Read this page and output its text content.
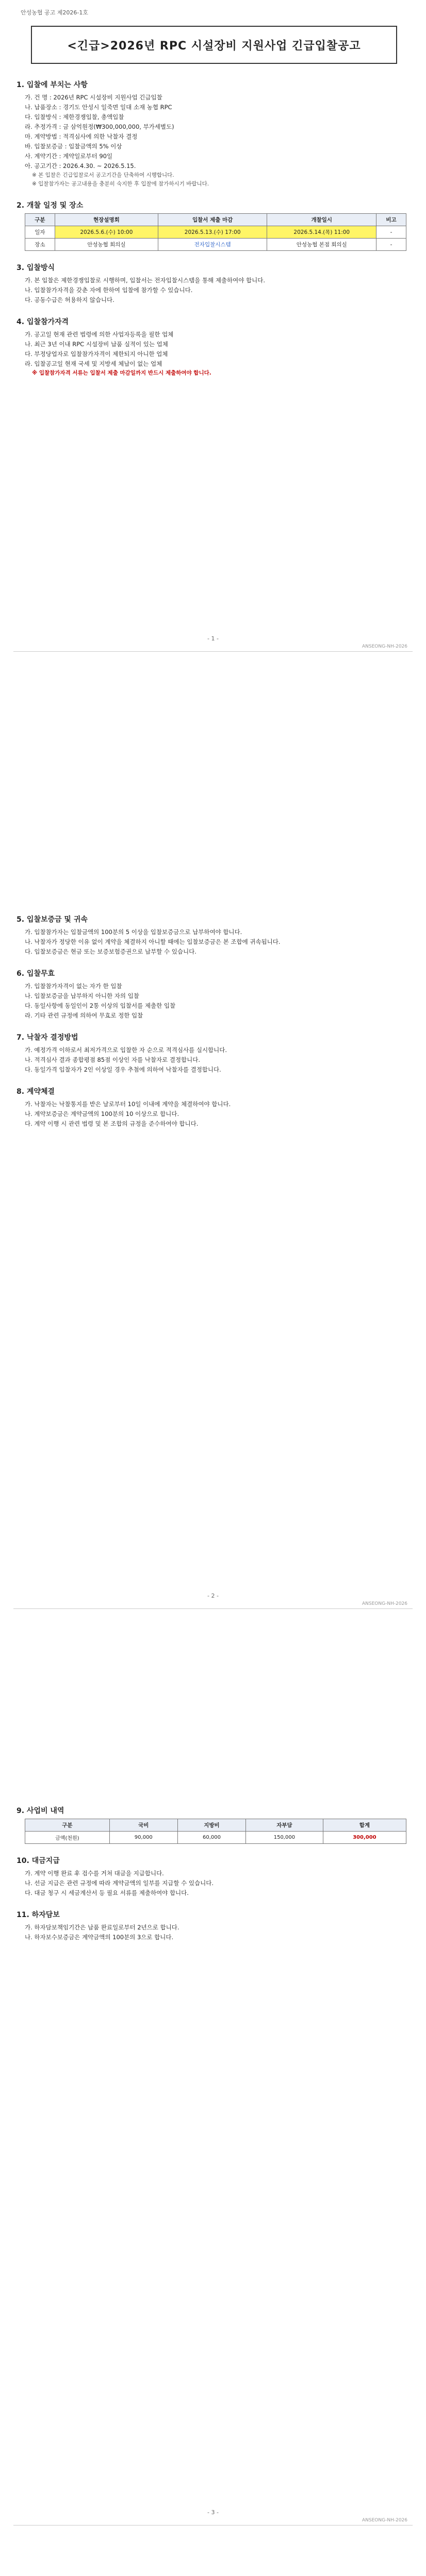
안성농협 공고 제2026-1호
<긴급>2026년 RPC 시설장비 지원사업 긴급입찰공고
1. 입찰에 부치는 사항
가. 건 명 : 2026년 RPC 시설장비 지원사업 긴급입찰
나. 납품장소 : 경기도 안성시 일죽면 일대 소재 농협 RPC
다. 입찰방식 : 제한경쟁입찰, 총액입찰
라. 추정가격 : 금 삼억원정(₩300,000,000, 부가세별도)
마. 계약방법 : 적격심사에 의한 낙찰자 결정
바. 입찰보증금 : 입찰금액의 5% 이상
사. 계약기간 : 계약일로부터 90일
아. 공고기간 : 2026.4.30. ~ 2026.5.15.
※ 본 입찰은 긴급입찰로서 공고기간을 단축하여 시행합니다.
※ 입찰참가자는 공고내용을 충분히 숙지한 후 입찰에 참가하시기 바랍니다.
2. 개찰 일정 및 장소
구분	현장설명회	입찰서 제출 마감	개찰일시	비고
일자	2026.5.6.(수) 10:00	2026.5.13.(수) 17:00	2026.5.14.(목) 11:00	-
장소	안성농협 회의실	전자입찰시스템	안성농협 본점 회의실	-
3. 입찰방식
가. 본 입찰은 제한경쟁입찰로 시행하며, 입찰서는 전자입찰시스템을 통해 제출하여야 합니다.
나. 입찰참가자격을 갖춘 자에 한하여 입찰에 참가할 수 있습니다.
다. 공동수급은 허용하지 않습니다.
4. 입찰참가자격
가. 공고일 현재 관련 법령에 의한 사업자등록을 필한 업체
나. 최근 3년 이내 RPC 시설장비 납품 실적이 있는 업체
다. 부정당업자로 입찰참가자격이 제한되지 아니한 업체
라. 입찰공고일 현재 국세 및 지방세 체납이 없는 업체
※ 입찰참가자격 서류는 입찰서 제출 마감일까지 반드시 제출하여야 합니다.
- 1 -
ANSEONG-NH-2026
5. 입찰보증금 및 귀속
가. 입찰참가자는 입찰금액의 100분의 5 이상을 입찰보증금으로 납부하여야 합니다.
나. 낙찰자가 정당한 이유 없이 계약을 체결하지 아니할 때에는 입찰보증금은 본 조합에 귀속됩니다.
다. 입찰보증금은 현금 또는 보증보험증권으로 납부할 수 있습니다.
6. 입찰무효
가. 입찰참가자격이 없는 자가 한 입찰
나. 입찰보증금을 납부하지 아니한 자의 입찰
다. 동일사항에 동일인이 2통 이상의 입찰서를 제출한 입찰
라. 기타 관련 규정에 의하여 무효로 정한 입찰
7. 낙찰자 결정방법
가. 예정가격 이하로서 최저가격으로 입찰한 자 순으로 적격심사를 실시합니다.
나. 적격심사 결과 종합평점 85점 이상인 자를 낙찰자로 결정합니다.
다. 동일가격 입찰자가 2인 이상일 경우 추첨에 의하여 낙찰자를 결정합니다.
8. 계약체결
가. 낙찰자는 낙찰통지를 받은 날로부터 10일 이내에 계약을 체결하여야 합니다.
나. 계약보증금은 계약금액의 100분의 10 이상으로 합니다.
다. 계약 이행 시 관련 법령 및 본 조합의 규정을 준수하여야 합니다.
- 2 -
ANSEONG-NH-2026
9. 사업비 내역
구분	국비	지방비	자부담	합계
금액(천원)	90,000	60,000	150,000	300,000
10. 대금지급
가. 계약 이행 완료 후 검수를 거쳐 대금을 지급합니다.
나. 선금 지급은 관련 규정에 따라 계약금액의 일부를 지급할 수 있습니다.
다. 대금 청구 시 세금계산서 등 필요 서류를 제출하여야 합니다.
11. 하자담보
가. 하자담보책임기간은 납품 완료일로부터 2년으로 합니다.
나. 하자보수보증금은 계약금액의 100분의 3으로 합니다.
- 3 -
ANSEONG-NH-2026
